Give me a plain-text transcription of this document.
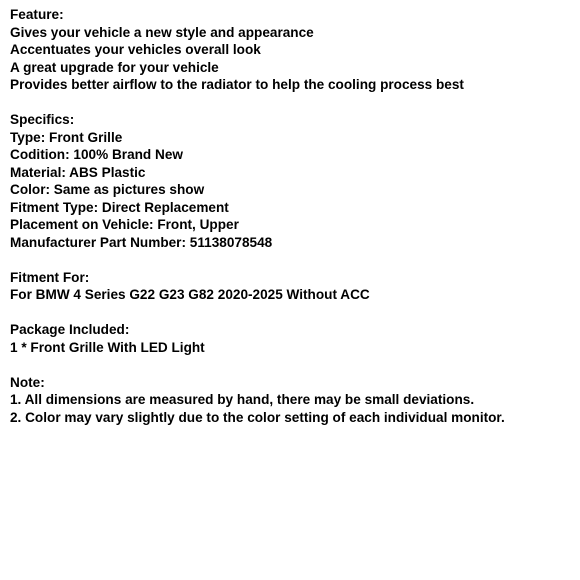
Feature:
Gives your vehicle a new style and appearance
Accentuates your vehicles overall look
A great upgrade for your vehicle
Provides better airflow to the radiator to help the cooling process best
Specifics:
Type: Front Grille
Codition: 100% Brand New
Material: ABS Plastic
Color: Same as pictures show
Fitment Type: Direct Replacement
Placement on Vehicle: Front, Upper
Manufacturer Part Number: 51138078548
Fitment For:
For BMW 4 Series G22 G23 G82 2020-2025 Without ACC
Package Included:
1 * Front Grille With LED Light
Note:
1. All dimensions are measured by hand, there may be small deviations.
2. Color may vary slightly due to the color setting of each individual monitor.
